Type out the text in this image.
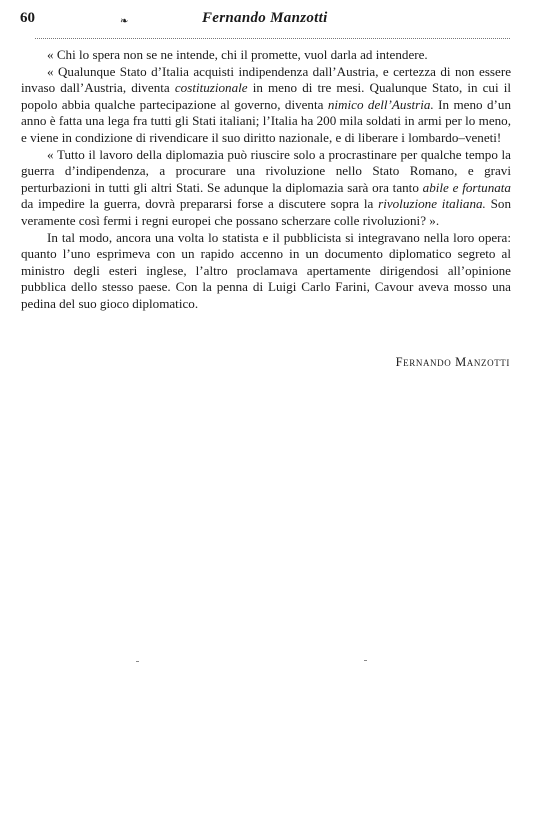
60	❧	Fernando Manzotti

« Chi lo spera non se ne intende, chi il promette, vuol darla ad intendere.

« Qualunque Stato d’Italia acquisti indipendenza dall’Austria, e certezza di non essere invaso dall’Austria, diventa costituzionale in meno di tre mesi. Qualunque Stato, in cui il popolo abbia qualche partecipazione al governo, diventa nimico dell’Austria. In meno d’un anno è fatta una lega fra tutti gli Stati italiani; l’Italia ha 200 mila soldati in armi per lo meno, e viene in condizione di rivendicare il suo diritto nazionale, e di liberare i lombardo–veneti!

« Tutto il lavoro della diplomazia può riuscire solo a procrastinare per qualche tempo la guerra d’indipendenza, a procurare una rivoluzione nello Stato Romano, e gravi perturbazioni in tutti gli altri Stati. Se adunque la diplomazia sarà ora tanto abile e fortunata da impedire la guerra, dovrà prepararsi forse a discutere sopra la rivoluzione italiana. Son veramente così fermi i regni europei che possano scherzare colle rivoluzioni? ».

In tal modo, ancora una volta lo statista e il pubblicista si integravano nella loro opera: quanto l’uno esprimeva con un rapido accenno in un documento diplomatico segreto al ministro degli esteri inglese, l’altro proclamava apertamente dirigendosi all’opinione pubblica dello stesso paese. Con la penna di Luigi Carlo Farini, Cavour aveva mosso una pedina del suo gioco diplomatico.

Fernando Manzotti
